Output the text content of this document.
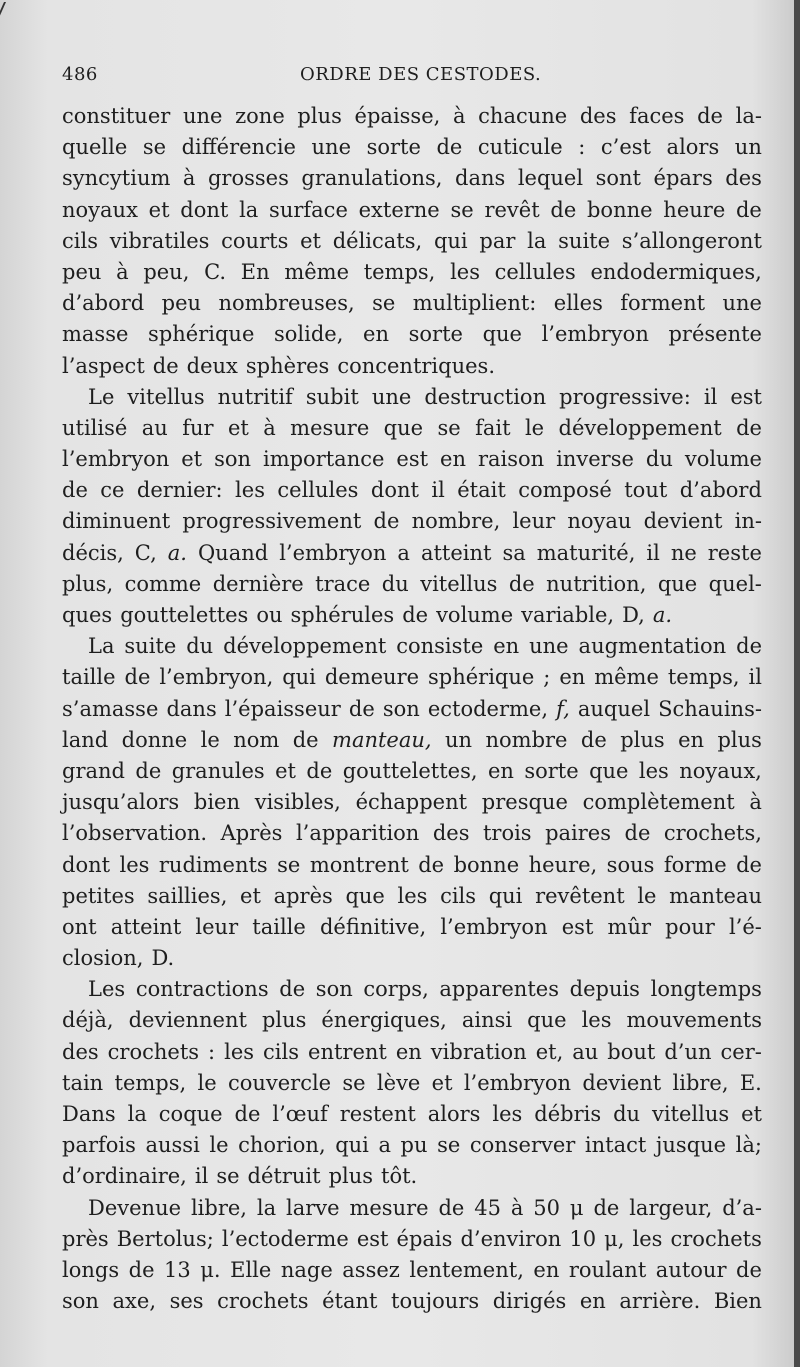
486	ORDRE DES CESTODES.
constituer une zone plus épaisse, à chacune des faces de la-
quelle se différencie une sorte de cuticule : c’est alors un
syncytium à grosses granulations, dans lequel sont épars des
noyaux et dont la surface externe se revêt de bonne heure de
cils vibratiles courts et délicats, qui par la suite s’allongeront
peu à peu, C. En même temps, les cellules endodermiques,
d’abord peu nombreuses, se multiplient: elles forment une
masse sphérique solide, en sorte que l’embryon présente
l’aspect de deux sphères concentriques.
Le vitellus nutritif subit une destruction progressive: il est
utilisé au fur et à mesure que se fait le développement de
l’embryon et son importance est en raison inverse du volume
de ce dernier: les cellules dont il était composé tout d’abord
diminuent progressivement de nombre, leur noyau devient in-
décis, C, a. Quand l’embryon a atteint sa maturité, il ne reste
plus, comme dernière trace du vitellus de nutrition, que quel-
ques gouttelettes ou sphérules de volume variable, D, a.
La suite du développement consiste en une augmentation de
taille de l’embryon, qui demeure sphérique ; en même temps, il
s’amasse dans l’épaisseur de son ectoderme, f, auquel Schauins-
land donne le nom de manteau, un nombre de plus en plus
grand de granules et de gouttelettes, en sorte que les noyaux,
jusqu’alors bien visibles, échappent presque complètement à
l’observation. Après l’apparition des trois paires de crochets,
dont les rudiments se montrent de bonne heure, sous forme de
petites saillies, et après que les cils qui revêtent le manteau
ont atteint leur taille définitive, l’embryon est mûr pour l’é-
closion, D.
Les contractions de son corps, apparentes depuis longtemps
déjà, deviennent plus énergiques, ainsi que les mouvements
des crochets : les cils entrent en vibration et, au bout d’un cer-
tain temps, le couvercle se lève et l’embryon devient libre, E.
Dans la coque de l’œuf restent alors les débris du vitellus et
parfois aussi le chorion, qui a pu se conserver intact jusque là;
d’ordinaire, il se détruit plus tôt.
Devenue libre, la larve mesure de 45 à 50 μ de largeur, d’a-
près Bertolus; l’ectoderme est épais d’environ 10 μ, les crochets
longs de 13 μ. Elle nage assez lentement, en roulant autour de
son axe, ses crochets étant toujours dirigés en arrière. Bien
